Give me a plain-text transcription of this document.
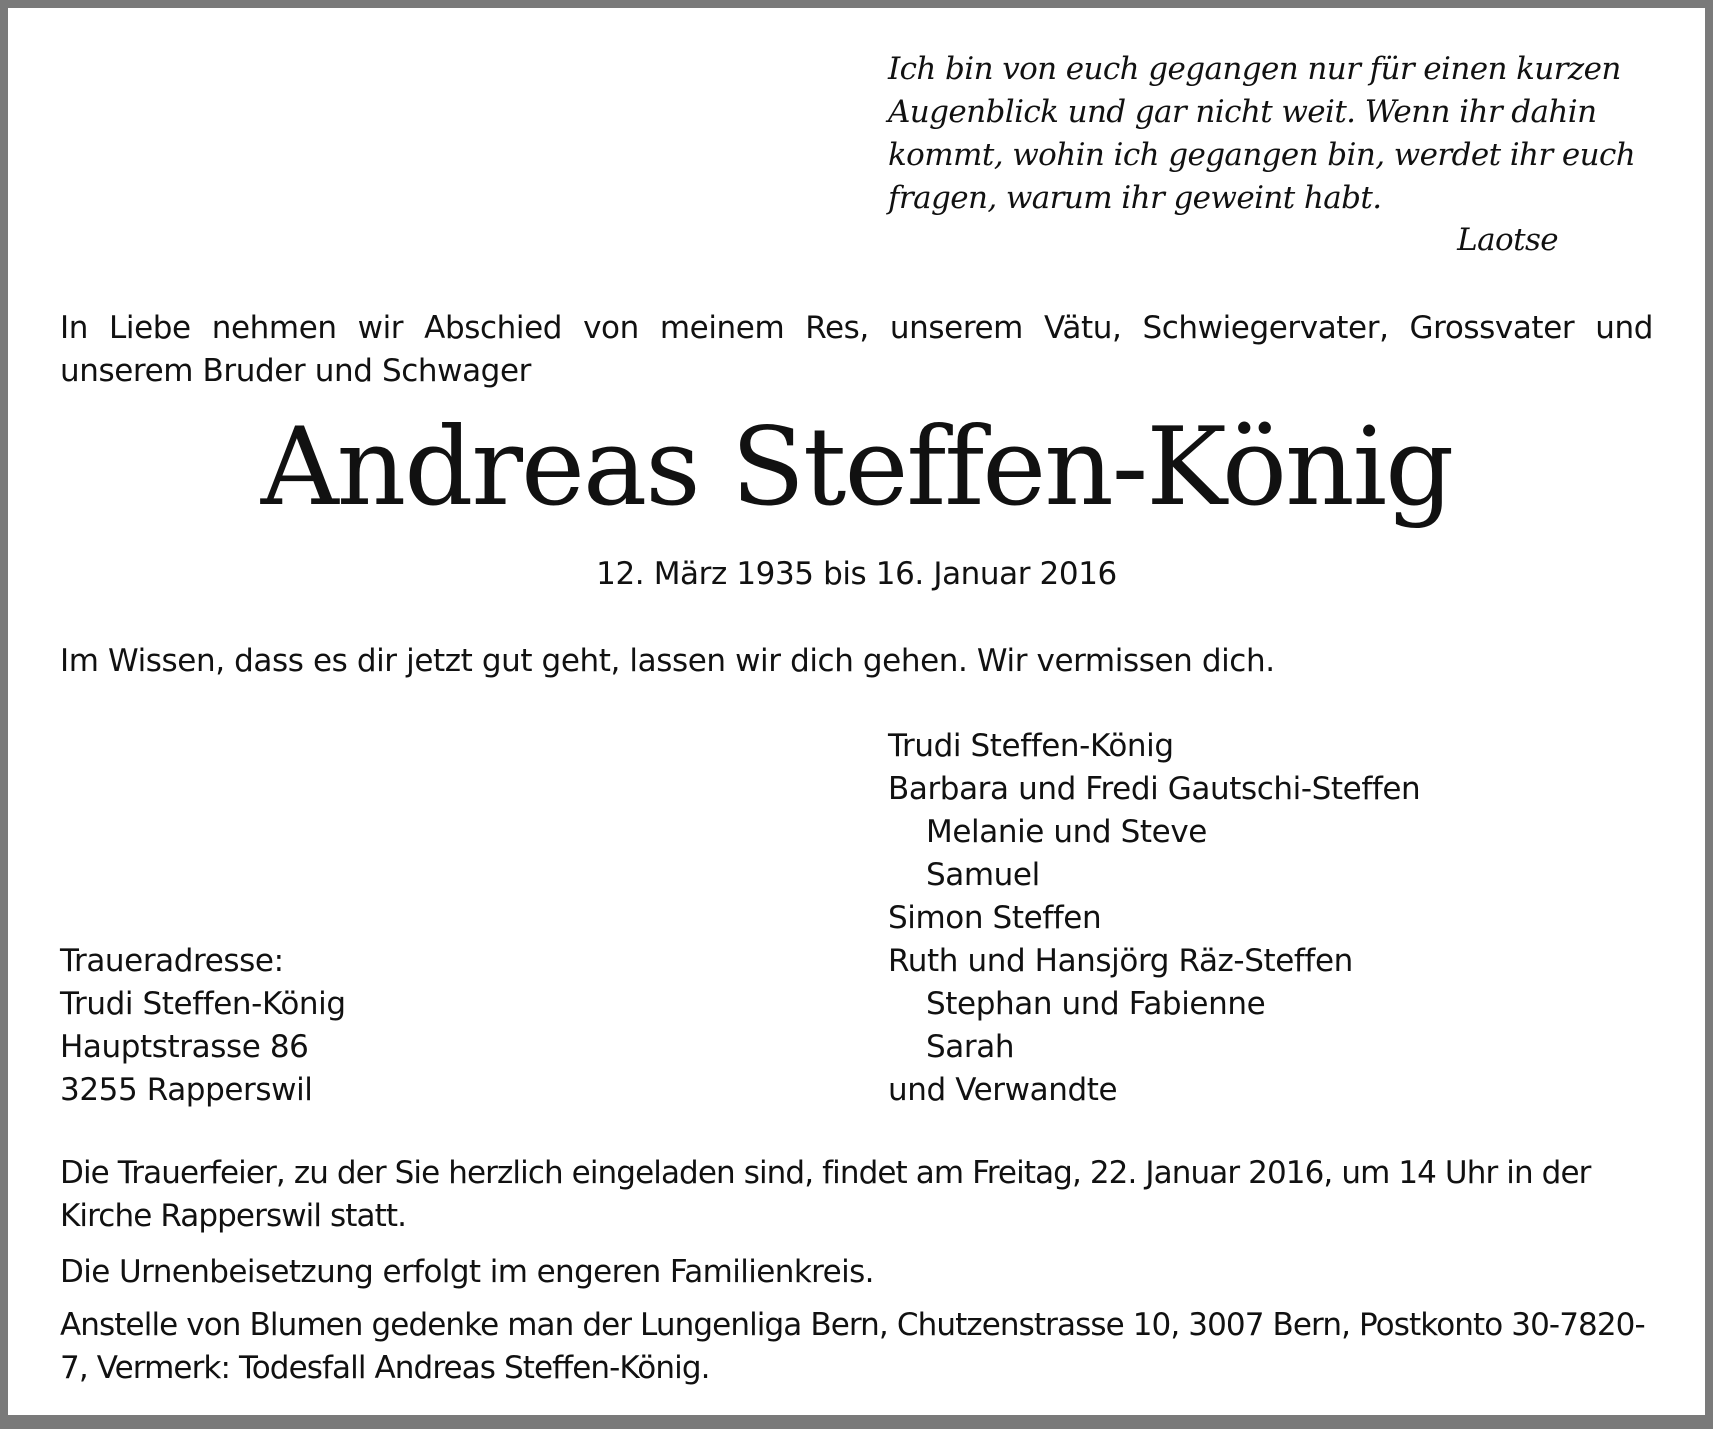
Ich bin von euch gegangen nur für einen kurzen
Augenblick und gar nicht weit. Wenn ihr dahin
kommt, wohin ich gegangen bin, werdet ihr euch
fragen, warum ihr geweint habt.
Laotse
In Liebe nehmen wir Abschied von meinem Res, unserem Vätu, Schwiegervater, Grossvater und unserem Bruder und Schwager
Andreas Steffen-König
12. März 1935 bis 16. Januar 2016
Im Wissen, dass es dir jetzt gut geht, lassen wir dich gehen. Wir vermissen dich.
Trudi Steffen-König
Barbara und Fredi Gautschi-Steffen
Melanie und Steve
Samuel
Simon Steffen
Ruth und Hansjörg Räz-Steffen
Stephan und Fabienne
Sarah
und Verwandte
Traueradresse:
Trudi Steffen-König
Hauptstrasse 86
3255 Rapperswil
Die Trauerfeier, zu der Sie herzlich eingeladen sind, findet am Freitag, 22. Januar 2016, um 14 Uhr in der Kirche Rapperswil statt.
Die Urnenbeisetzung erfolgt im engeren Familienkreis.
Anstelle von Blumen gedenke man der Lungenliga Bern, Chutzenstrasse 10, 3007 Bern, Postkonto 30-7820-7, Vermerk: Todesfall Andreas Steffen-König.
